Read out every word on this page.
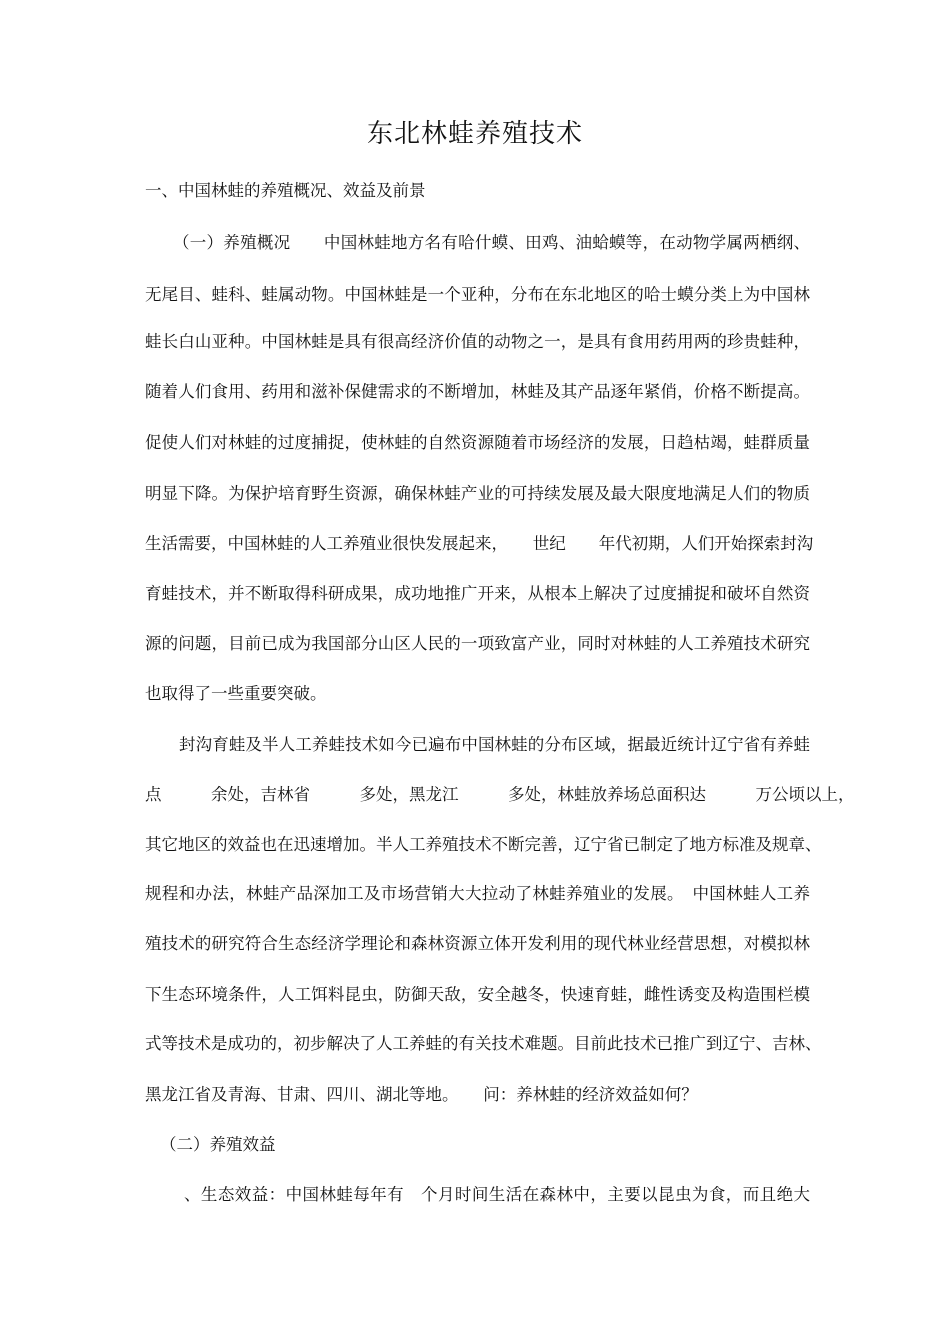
东北林蛙养殖技术
一、中国林蛙的养殖概况、效益及前景
（一）养殖概况　　中国林蛙地方名有哈什蟆、田鸡、油蛤蟆等，在动物学属两栖纲、
无尾目、蛙科、蛙属动物。中国林蛙是一个亚种，分布在东北地区的哈士蟆分类上为中国林
蛙长白山亚种。中国林蛙是具有很高经济价值的动物之一，是具有食用药用两的珍贵蛙种，
随着人们食用、药用和滋补保健需求的不断增加，林蛙及其产品逐年紧俏，价格不断提高。
促使人们对林蛙的过度捕捉，使林蛙的自然资源随着市场经济的发展，日趋枯竭，蛙群质量
明显下降。为保护培育野生资源，确保林蛙产业的可持续发展及最大限度地满足人们的物质
生活需要，中国林蛙的人工养殖业很快发展起来，　　世纪　　年代初期，人们开始探索封沟
育蛙技术，并不断取得科研成果，成功地推广开来，从根本上解决了过度捕捉和破坏自然资
源的问题，目前已成为我国部分山区人民的一项致富产业，同时对林蛙的人工养殖技术研究
也取得了一些重要突破。
封沟育蛙及半人工养蛙技术如今已遍布中国林蛙的分布区域，据最近统计辽宁省有养蛙
点　　　余处，吉林省　　　多处，黑龙江　　　多处，林蛙放养场总面积达　　　万公顷以上，
其它地区的效益也在迅速增加。半人工养殖技术不断完善，辽宁省已制定了地方标准及规章、
规程和办法，林蛙产品深加工及市场营销大大拉动了林蛙养殖业的发展。　中国林蛙人工养
殖技术的研究符合生态经济学理论和森林资源立体开发利用的现代林业经营思想，对模拟林
下生态环境条件，人工饵料昆虫，防御天敌，安全越冬，快速育蛙，雌性诱变及构造围栏模
式等技术是成功的，初步解决了人工养蛙的有关技术难题。目前此技术已推广到辽宁、吉林、
黑龙江省及青海、甘肃、四川、湖北等地。　　问：养林蛙的经济效益如何？
（二）养殖效益
、生态效益：中国林蛙每年有　个月时间生活在森林中，主要以昆虫为食，而且绝大
